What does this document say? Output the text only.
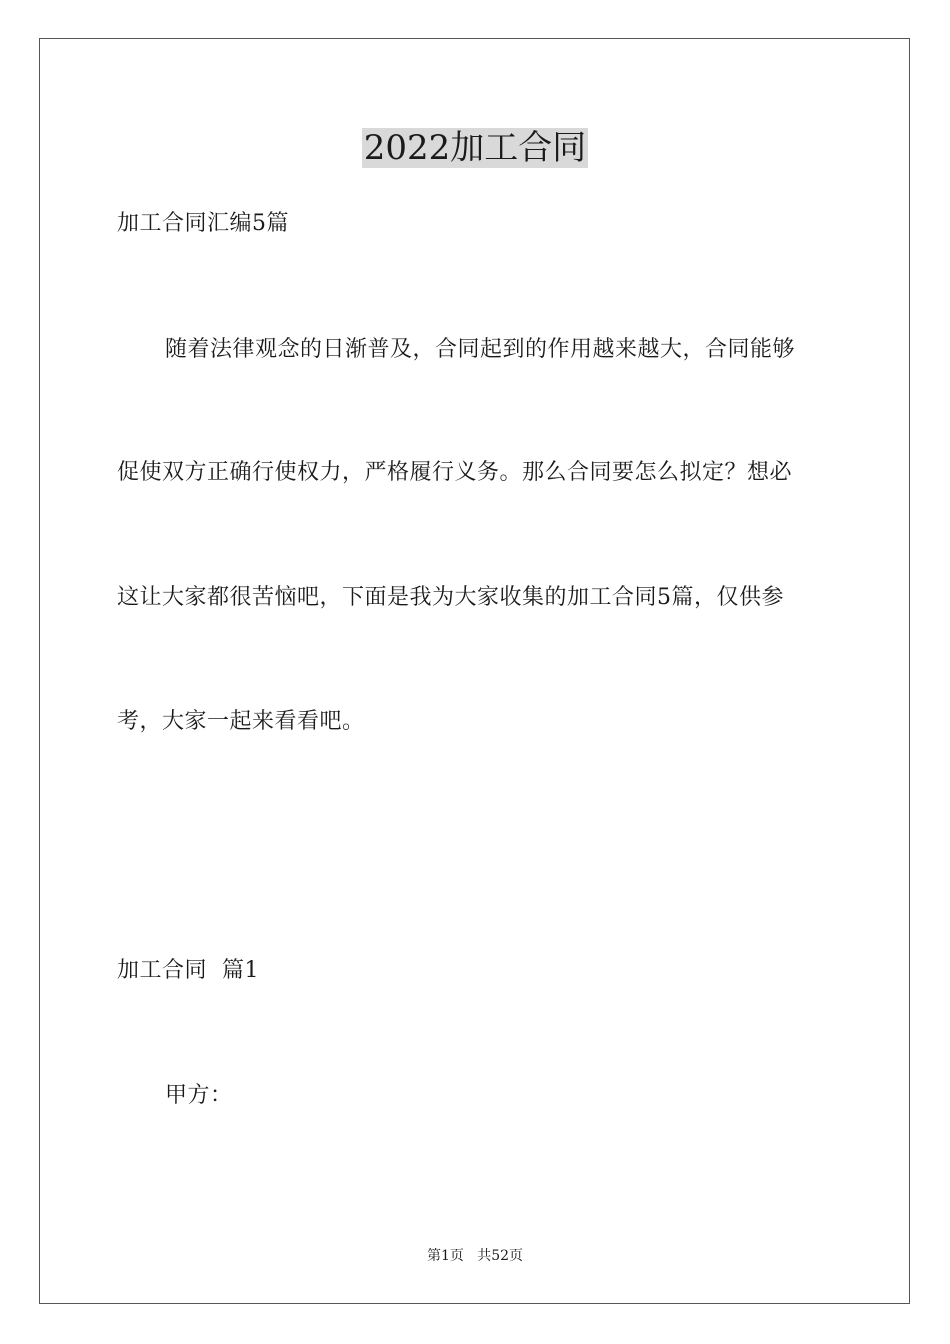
2022加工合同
加工合同汇编5篇
随着法律观念的日渐普及，合同起到的作用越来越大，合同能够
促使双方正确行使权力，严格履行义务。那么合同要怎么拟定？想必
这让大家都很苦恼吧，下面是我为大家收集的加工合同5篇，仅供参
考，大家一起来看看吧。
加工合同  篇1
甲方：
第1页   共52页
